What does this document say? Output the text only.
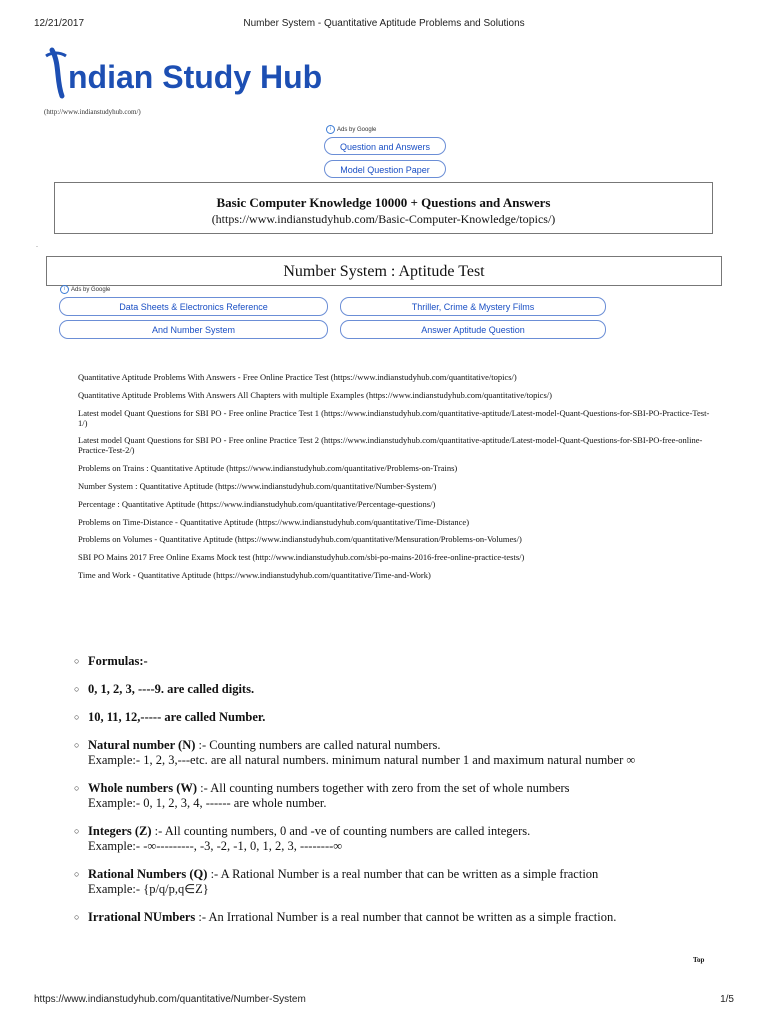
12/21/2017	Number System - Quantitative Aptitude Problems and Solutions
ndian Study Hub
(http://www.indianstudyhub.com/)
i Ads by Google
Question and Answers
Model Question Paper
Basic Computer Knowledge 10000 + Questions and Answers
(https://www.indianstudyhub.com/Basic-Computer-Knowledge/topics/)
.
Number System : Aptitude Test
i Ads by Google
Data Sheets & Electronics Reference	Thriller, Crime & Mystery Films
And Number System	Answer Aptitude Question
Quantitative Aptitude Problems With Answers - Free Online Practice Test (https://www.indianstudyhub.com/quantitative/topics/)
Quantitative Aptitude Problems With Answers All Chapters with multiple Examples (https://www.indianstudyhub.com/quantitative/topics/)
Latest model Quant Questions for SBI PO - Free online Practice Test 1 (https://www.indianstudyhub.com/quantitative-aptitude/Latest-model-Quant-Questions-for-SBI-PO-Practice-Test-1/)
Latest model Quant Questions for SBI PO - Free online Practice Test 2 (https://www.indianstudyhub.com/quantitative-aptitude/Latest-model-Quant-Questions-for-SBI-PO-free-online-Practice-Test-2/)
Problems on Trains : Quantitative Aptitude (https://www.indianstudyhub.com/quantitative/Problems-on-Trains)
Number System : Quantitative Aptitude (https://www.indianstudyhub.com/quantitative/Number-System/)
Percentage : Quantitative Aptitude (https://www.indianstudyhub.com/quantitative/Percentage-questions/)
Problems on Time-Distance - Quantitative Aptitude (https://www.indianstudyhub.com/quantitative/Time-Distance)
Problems on Volumes - Quantitative Aptitude (https://www.indianstudyhub.com/quantitative/Mensuration/Problems-on-Volumes/)
SBI PO Mains 2017 Free Online Exams Mock test (http://www.indianstudyhub.com/sbi-po-mains-2016-free-online-practice-tests/)
Time and Work - Quantitative Aptitude (https://www.indianstudyhub.com/quantitative/Time-and-Work)
○ Formulas:-
○ 0, 1, 2, 3, ----9. are called digits.
○ 10, 11, 12,----- are called Number.
○ Natural number (N) :- Counting numbers are called natural numbers.
Example:- 1, 2, 3,---etc. are all natural numbers. minimum natural number 1 and maximum natural number ∞
○ Whole numbers (W) :- All counting numbers together with zero from the set of whole numbers
Example:- 0, 1, 2, 3, 4, ------ are whole number.
○ Integers (Z) :- All counting numbers, 0 and -ve of counting numbers are called integers.
Example:- -∞---------, -3, -2, -1, 0, 1, 2, 3, --------∞
○ Rational Numbers (Q) :- A Rational Number is a real number that can be written as a simple fraction
Example:- {p/q/p,q∈Z}
○ Irrational NUmbers :- An Irrational Number is a real number that cannot be written as a simple fraction.
Top
https://www.indianstudyhub.com/quantitative/Number-System	1/5
